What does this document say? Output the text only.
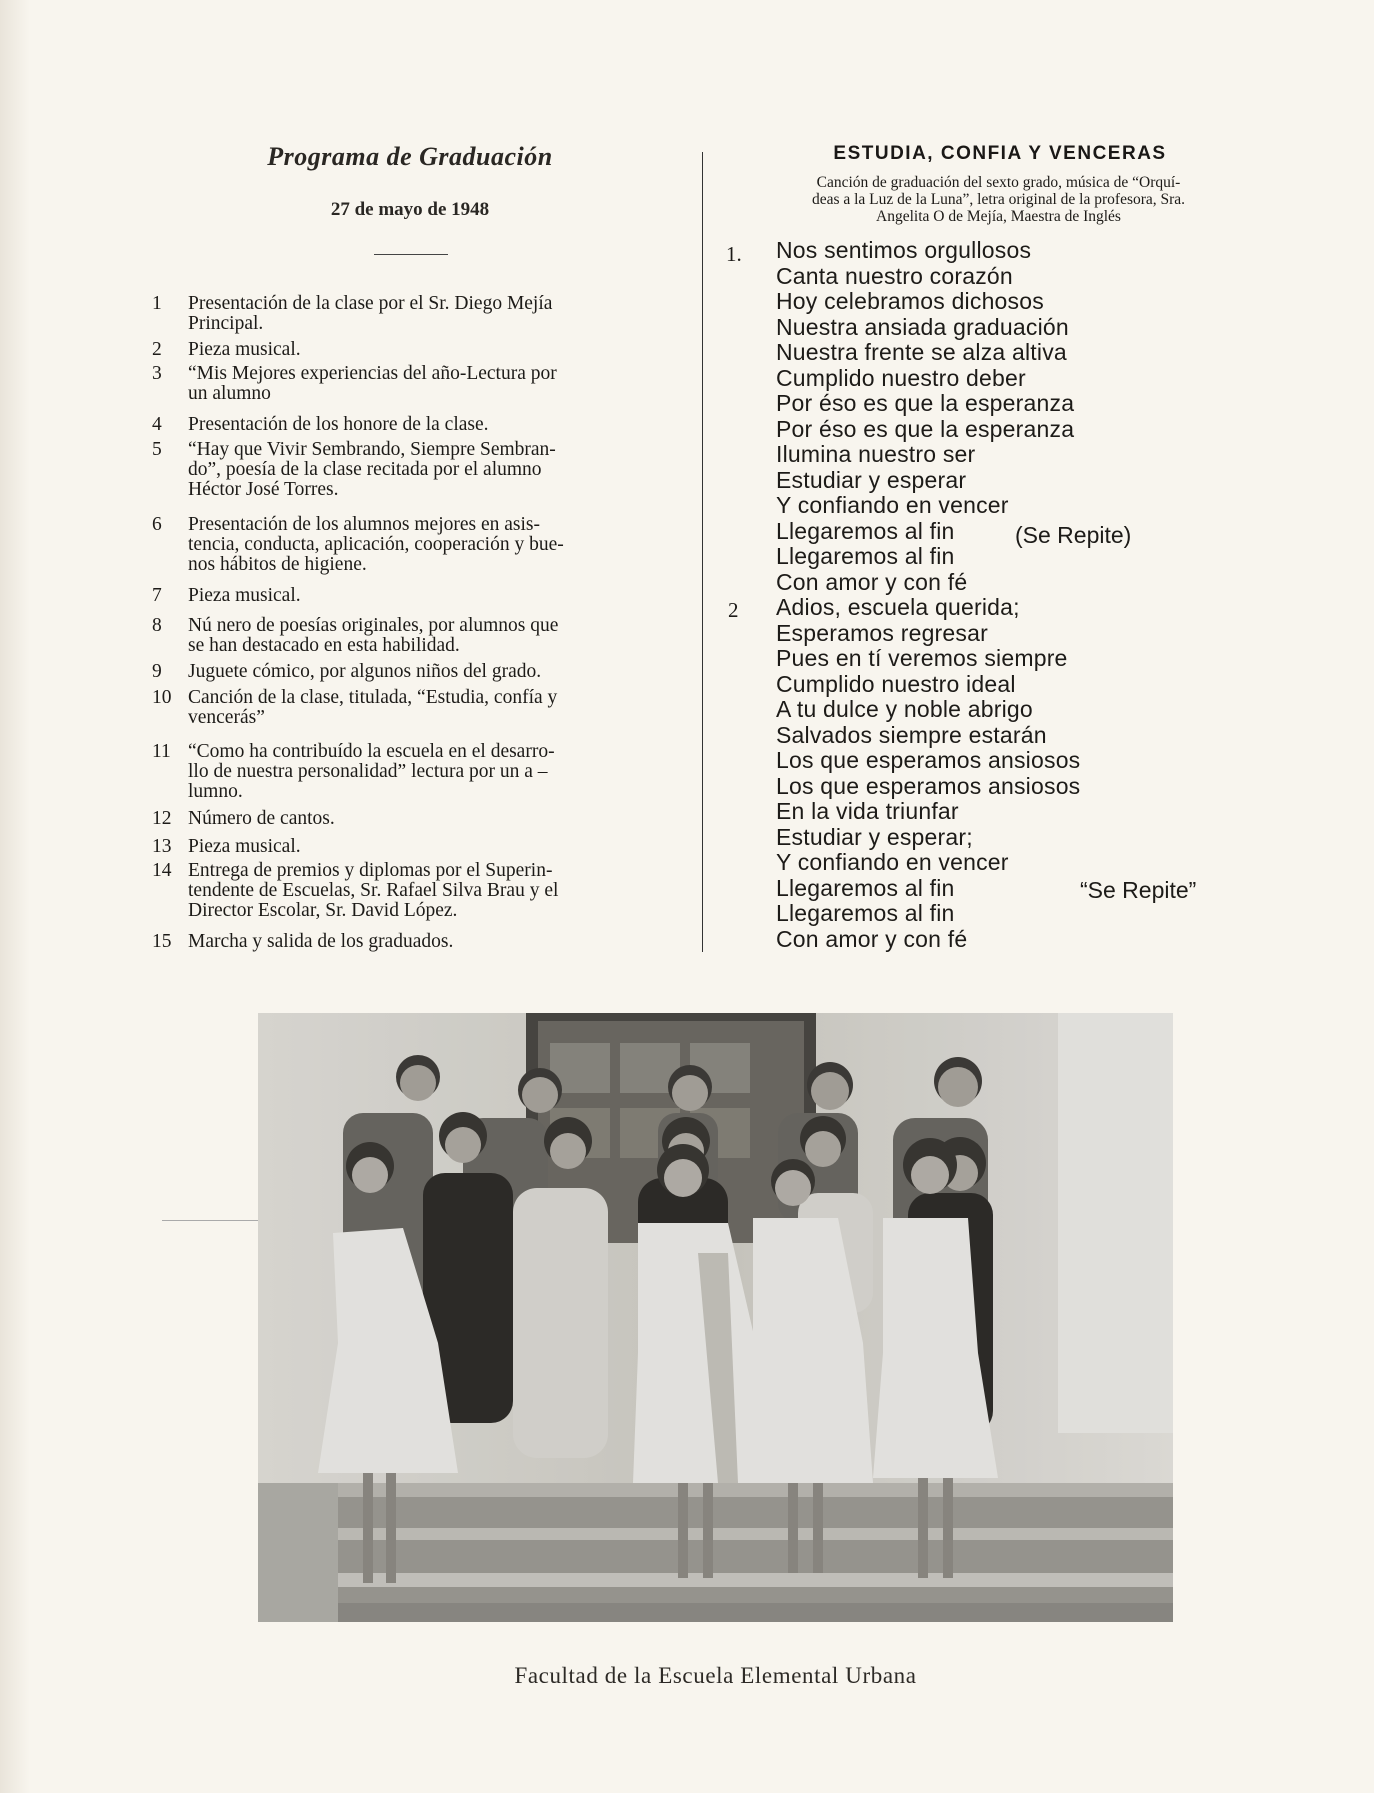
Programa de Graduación
27 de mayo de 1948
1	Presentación de la clase por el Sr. Diego Mejía
Principal.
2	Pieza musical.
3	“Mis Mejores experiencias del año-Lectura por
un alumno
4	Presentación de los honore de la clase.
5	“Hay que Vivir Sembrando, Siempre Sembran-
do”, poesía de la clase recitada por el alumno
Héctor José Torres.
6	Presentación de los alumnos mejores en asis-
tencia, conducta, aplicación, cooperación y bue-
nos hábitos de higiene.
7	Pieza musical.
8	Nú nero de poesías originales, por alumnos que
se han destacado en esta habilidad.
9	Juguete cómico, por algunos niños del grado.
10 Canción de la clase, titulada, “Estudia, confía y
vencerás”
11 “Como ha contribuído la escuela en el desarro-
llo de nuestra personalidad” lectura por un a –
lumno.
12 Número de cantos.
13 Pieza musical.
14 Entrega de premios y diplomas por el Superin-
tendente de Escuelas, Sr. Rafael Silva Brau y el
Director Escolar, Sr. David López.
15 Marcha y salida de los graduados.
ESTUDIA, CONFIA Y VENCERAS
Canción de graduación del sexto grado, música de “Orquí-
deas a la Luz de la Luna”, letra original de la profesora, Sra.
Angelita O de Mejía, Maestra de Inglés
1.
2
Nos sentimos orgullosos
Canta nuestro corazón
Hoy celebramos dichosos
Nuestra ansiada graduación
Nuestra frente se alza altiva
Cumplido nuestro deber
Por éso es que la esperanza
Por éso es que la esperanza
Ilumina nuestro ser
Estudiar y esperar
Y confiando en vencer
Llegaremos al fin
Llegaremos al fin
Con amor y con fé
Adios, escuela querida;
Esperamos regresar
Pues en tí veremos siempre
Cumplido nuestro ideal
A tu dulce y noble abrigo
Salvados siempre estarán
Los que esperamos ansiosos
Los que esperamos ansiosos
En la vida triunfar
Estudiar y esperar;
Y confiando en vencer
Llegaremos al fin
Llegaremos al fin
Con amor y con fé
(Se Repite)
“Se Repite”
Facultad de la Escuela Elemental Urbana
